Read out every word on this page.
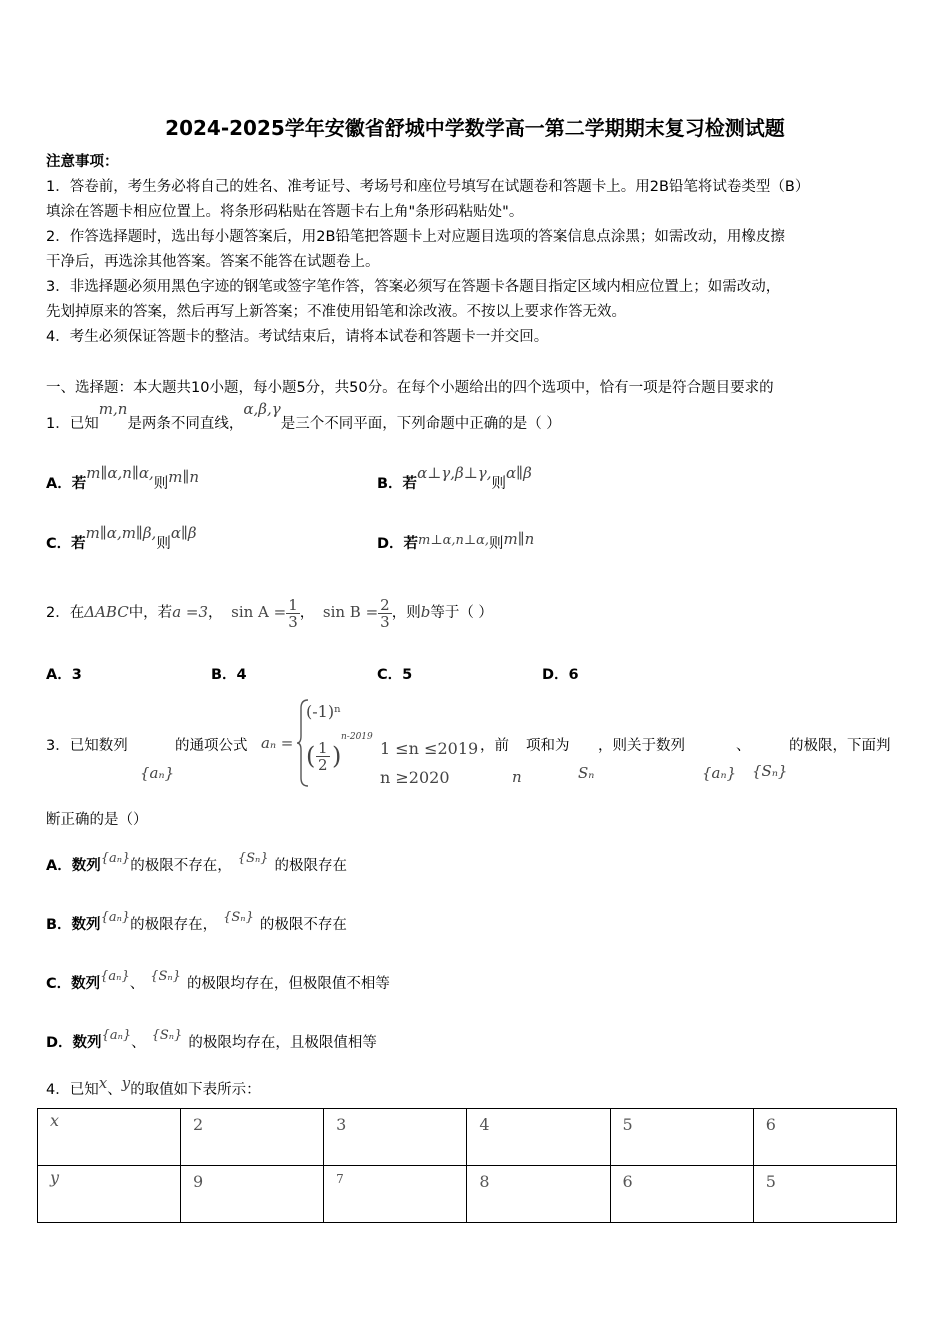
2024-2025学年安徽省舒城中学数学高一第二学期期末复习检测试题
注意事项：
1．答卷前，考生务必将自己的姓名、准考证号、考场号和座位号填写在试题卷和答题卡上。用2B铅笔将试卷类型（B）
填涂在答题卡相应位置上。将条形码粘贴在答题卡右上角"条形码粘贴处"。
2．作答选择题时，选出每小题答案后，用2B铅笔把答题卡上对应题目选项的答案信息点涂黑；如需改动，用橡皮擦
干净后，再选涂其他答案。答案不能答在试题卷上。
3．非选择题必须用黑色字迹的钢笔或签字笔作答，答案必须写在答题卡各题目指定区域内相应位置上；如需改动，
先划掉原来的答案，然后再写上新答案；不准使用铅笔和涂改液。不按以上要求作答无效。
4．考生必须保证答题卡的整洁。考试结束后，请将本试卷和答题卡一并交回。
一、选择题：本大题共10小题，每小题5分，共50分。在每个小题给出的四个选项中，恰有一项是符合题目要求的
1．已知m,n是两条不同直线，α,β,γ是三个不同平面，下列命题中正确的是（ ）
A．若m∥α,n∥α,则m∥n	B．若α⊥γ,β⊥γ,则α∥β
C．若m∥α,m∥β,则α∥β
D．若m⊥α,n⊥α,则m∥n
2．在ΔABC中，若a =3， $\sin A = \frac{1}{3}$ ， $\sin B = \frac{2}{3}$ ，则b等于（ ）
A．3	B．4	C．5	D．6
3．已知数列
{aₙ}
的通项公式 aₙ =
(-1)ⁿ
( $\frac{1}{2}$ )
n-2019
1 ≤n ≤2019
n ≥2020
，前
n
项和为
Sₙ
，则关于数列
{aₙ}
、
{Sₙ}
的极限，下面判
断正确的是（）
A．数列{aₙ}的极限不存在， {Sₙ} 的极限存在
B．数列{aₙ}的极限存在， {Sₙ} 的极限不存在
C．数列{aₙ}、 {Sₙ} 的极限均存在，但极限值不相等
D．数列{aₙ}、 {Sₙ} 的极限均存在，且极限值相等
4．已知x、y的取值如下表所示：
x	2	3	4	5	6
y	9	7	8	6	5
